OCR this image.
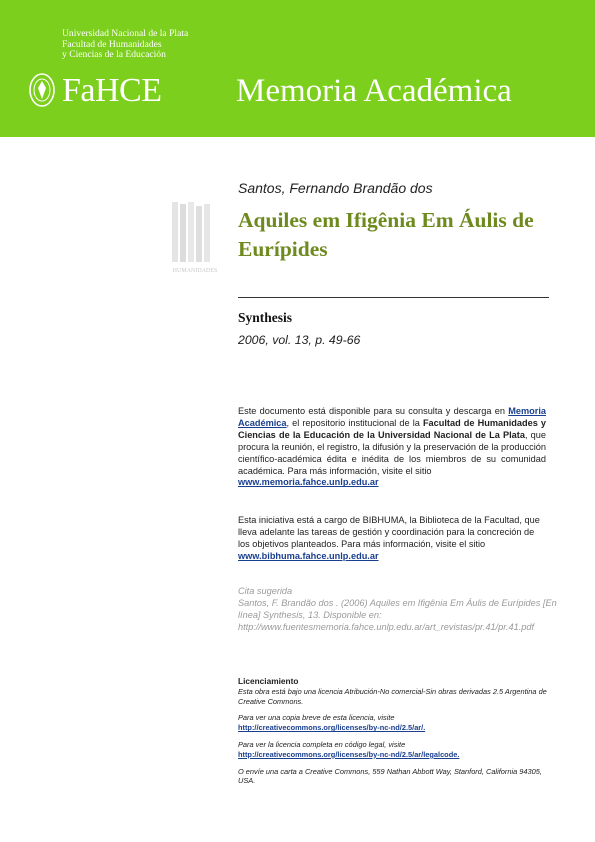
Universidad Nacional de la Plata
Facultad de Humanidades
y Ciencias de la Educación
FaHCE Memoria Académica
HUMANIDADES
Santos, Fernando Brandão dos
Aquiles em Ifigênia Em Áulis de Eurípides
Synthesis
2006, vol. 13, p. 49-66
Este documento está disponible para su consulta y descarga en Memoria Académica, el repositorio institucional de la Facultad de Humanidades y Ciencias de la Educación de la Universidad Nacional de La Plata, que procura la reunión, el registro, la difusión y la preservación de la producción científico-académica édita e inédita de los miembros de su comunidad académica. Para más información, visite el sitio
www.memoria.fahce.unlp.edu.ar
Esta iniciativa está a cargo de BIBHUMA, la Biblioteca de la Facultad, que lleva adelante las tareas de gestión y coordinación para la concreción de los objetivos planteados. Para más información, visite el sitio
www.bibhuma.fahce.unlp.edu.ar
Cita sugerida
Santos, F. Brandão dos . (2006) Aquiles em Ifigênia Em Áulis de Eurípides [En línea] Synthesis, 13. Disponible en: http://www.fuentesmemoria.fahce.unlp.edu.ar/art_revistas/pr.41/pr.41.pdf
Licenciamiento
Esta obra está bajo una licencia Atribución-No comercial-Sin obras derivadas 2.5 Argentina de Creative Commons.
Para ver una copia breve de esta licencia, visite
http://creativecommons.org/licenses/by-nc-nd/2.5/ar/.
Para ver la licencia completa en código legal, visite
http://creativecommons.org/licenses/by-nc-nd/2.5/ar/legalcode.
O envíe una carta a Creative Commons, 559 Nathan Abbott Way, Stanford, California 94305, USA.
